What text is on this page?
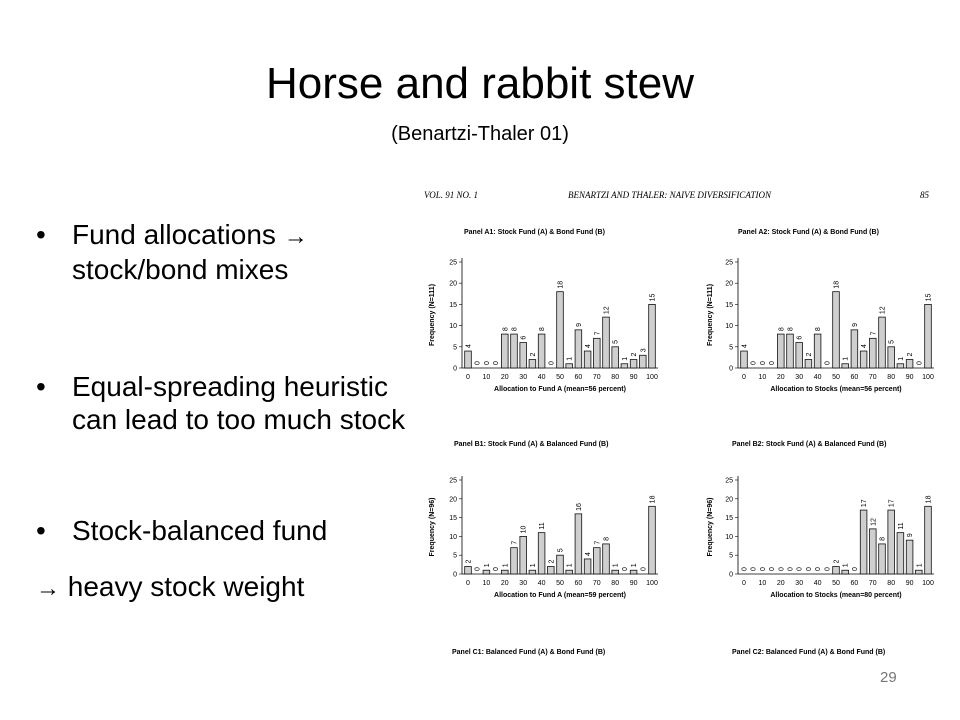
Horse and rabbit stew
(Benartzi-Thaler 01)
• Fund allocations →
stock/bond mixes
• Equal-spreading heuristic can lead to too much stock
• Stock-balanced fund
→ heavy stock weight
VOL. 91 NO. 1	BENARTZI AND THALER: NAIVE DIVERSIFICATION	85
Panel A1: Stock Fund (A) & Bond Fund (B)
0
5
10
15
20
25
0 10 20 30 40 50 60 70 80 90 100
Allocation to Fund A (mean=56 percent)
Frequency (N=111)
4
0 0 0
8 8
6
2
8
0
18
1
9
4
7
12
5
1
2
3
15
Panel A2: Stock Fund (A) & Bond Fund (B)
0
5
10
15
20
25
0 10 20 30 40 50 60 70 80 90 100
Allocation to Stocks (mean=56 percent)
Frequency (N=111)
4
0 0 0
8 8
6
2
8
0
18
1
9
4
7
12
5
1
2
0
15
Panel B1: Stock Fund (A) & Balanced Fund (B)
0
5
10
15
20
25
0 10 20 30 40 50 60 70 80 90 100
Allocation to Fund A (mean=59 percent)
Frequency (N=96)
2
0
1
0
1
7
10
1
11
2
5
1
16
4
7
8
1
0
1
0
18
Panel B2: Stock Fund (A) & Balanced Fund (B)
0
5
10
15
20
25
0 10 20 30 40 50 60 70 80 90 100
Allocation to Stocks (mean=80 percent)
Frequency (N=96)
0 0 0 0 0 0 0 0 0 0
2
1
0
17
12
8
17
11
9
1
18
Panel C1: Balanced Fund (A) & Bond Fund (B)	Panel C2: Balanced Fund (A) & Bond Fund (B)
29
